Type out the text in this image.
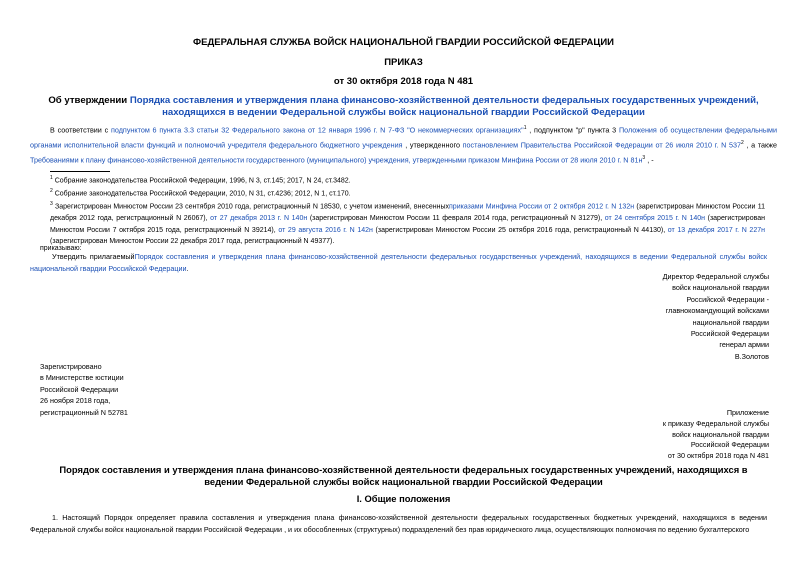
ФЕДЕРАЛЬНАЯ СЛУЖБА ВОЙСК НАЦИОНАЛЬНОЙ ГВАРДИИ РОССИЙСКОЙ ФЕДЕРАЦИИ
ПРИКАЗ
от 30 октября 2018 года N 481
Об утверждении Порядка составления и утверждения плана финансово-хозяйственной деятельности федеральных государственных учреждений, находящихся в ведении Федеральной службы войск национальной гвардии Российской Федерации
В соответствии с подпунктом 6 пункта 3.3 статьи 32 Федерального закона от 12 января 1996 г. N 7-ФЗ "О некоммерческих организациях"$^1$ , подпунктом "р" пункта 3 Положения об осуществлении федеральными органами исполнительной власти функций и полномочий учредителя федерального бюджетного учреждения , утвержденного постановлением Правительства Российской Федерации от 26 июля 2010 г. N $537^2$ , а также Требованиями к плану финансово-хозяйственной деятельности государственного (муниципального) учреждения, утвержденными приказом Минфина России от 28 июля 2010 г. N $81н^3$ , -
$^1$ Собрание законодательства Российской Федерации, 1996, N 3, ст.145; 2017, N 24, ст.3482.
$^2$ Собрание законодательства Российской Федерации, 2010, N 31, ст.4236; 2012, N 1, ст.170.
$^3$ Зарегистрирован Минюстом России 23 сентября 2010 года, регистрационный N 18530, с учетом изменений, внесенныхприказами Минфина России от 2 октября 2012 г. N 132н (зарегистрирован Минюстом России 11 декабря 2012 года, регистрационный N 26067), от 27 декабря 2013 г. N 140н (зарегистрирован Минюстом России 11 февраля 2014 года, регистрационный N 31279), от 24 сентября 2015 г. N 140н (зарегистрирован Минюстом России 7 октября 2015 года, регистрационный N 39214), от 29 августа 2016 г. N 142н (зарегистрирован Минюстом России 25 октября 2016 года, регистрационный N 44130), от 13 декабря 2017 г. N 227н (зарегистрирован Минюстом России 22 декабря 2017 года, регистрационный N 49377).
приказываю:
Утвердить прилагаемыйПорядок составления и утверждения плана финансово-хозяйственной деятельности федеральных государственных учреждений, находящихся в ведении Федеральной службы войск национальной гвардии Российской Федерации.
Директор Федеральной службы
войск национальной гвардии
Российской Федерации -
главнокомандующий войсками
национальной гвардии
Российской Федерации
генерал армии
В.Золотов
Зарегистрировано
в Министерстве юстиции
Российской Федерации
26 ноября 2018 года,
регистрационный N 52781	Приложение
к приказу Федеральной службы
войск национальной гвардии
Российской Федерации
от 30 октября 2018 года N 481
Порядок составления и утверждения плана финансово-хозяйственной деятельности федеральных государственных учреждений, находящихся в ведении Федеральной службы войск национальной гвардии Российской Федерации
I. Общие положения
1. Настоящий Порядок определяет правила составления и утверждения плана финансово-хозяйственной деятельности федеральных государственных бюджетных учреждений, находящихся в ведении Федеральной службы войск национальной гвардии Российской Федерации , и их обособленных (структурных) подразделений без прав юридического лица, осуществляющих полномочия по ведению бухгалтерского
